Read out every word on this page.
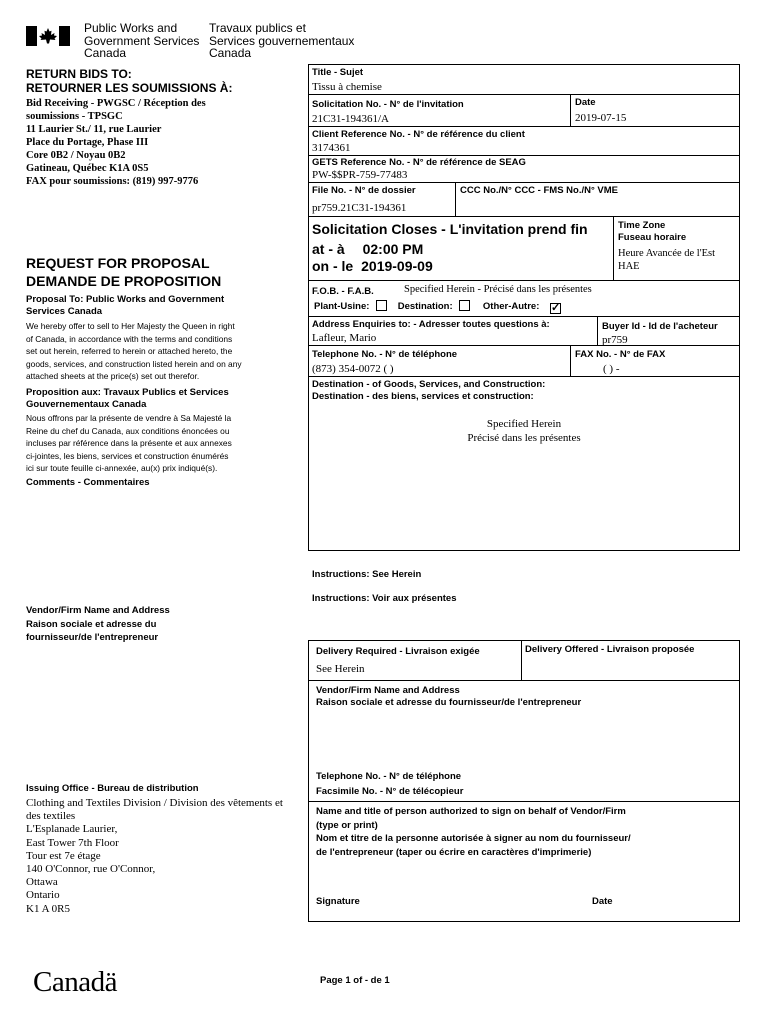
Public Works and
Government Services
Canada
Travaux publics et
Services gouvernementaux
Canada
RETURN BIDS TO:
RETOURNER LES SOUMISSIONS À:
Bid Receiving - PWGSC / Réception des
soumissions - TPSGC
11 Laurier St./ 11, rue Laurier
Place du Portage, Phase III
Core 0B2 / Noyau 0B2
Gatineau, Québec K1A 0S5
FAX pour soumissions: (819) 997-9776
REQUEST FOR PROPOSAL
DEMANDE DE PROPOSITION
Proposal To: Public Works and Government
Services Canada
We hereby offer to sell to Her Majesty the Queen in right
of Canada, in accordance with the terms and conditions
set out herein, referred to herein or attached hereto, the
goods, services, and construction listed herein and on any
attached sheets at the price(s) set out therefor.
Proposition aux: Travaux Publics et Services
Gouvernementaux Canada
Nous offrons par la présente de vendre à Sa Majesté la
Reine du chef du Canada, aux conditions énoncées ou
incluses par référence dans la présente et aux annexes
ci-jointes, les biens, services et construction énumérés
ici sur toute feuille ci-annexée, au(x) prix indiqué(s).
Comments - Commentaires
Vendor/Firm Name and Address
Raison sociale et adresse du
fournisseur/de l'entrepreneur
Issuing Office - Bureau de distribution
Clothing and Textiles Division / Division des vêtements et
des textiles
L'Esplanade Laurier,
East Tower 7th Floor
Tour est 7e étage
140 O'Connor, rue O'Connor,
Ottawa
Ontario
K1 A 0R5
Title - Sujet
Tissu à chemise
Solicitation No. - N° de l'invitation
21C31-194361/A
Date
2019-07-15
Client Reference No. - N° de référence du client
3174361
GETS Reference No. - N° de référence de SEAG
PW-$$PR-759-77483
File No. - N° de dossier
pr759.21C31-194361
CCC No./N° CCC - FMS No./N° VME
Solicitation Closes - L'invitation prend fin
at - à 02:00 PM
on - le 2019-09-09
Time Zone
Fuseau horaire
Heure Avancée de l'Est
HAE
F.O.B. - F.A.B.	Specified Herein - Précisé dans les présentes
Plant-Usine:	Destination:	Other-Autre: ✓
Address Enquiries to: - Adresser toutes questions à:
Lafleur, Mario
Buyer Id - Id de l'acheteur
pr759
Telephone No. - N° de téléphone
(873) 354-0072 ( )
FAX No. - N° de FAX
( ) -
Destination - of Goods, Services, and Construction:
Destination - des biens, services et construction:
Specified Herein
Précisé dans les présentes
Instructions: See Herein
Instructions: Voir aux présentes
Delivery Required - Livraison exigée
See Herein
Delivery Offered - Livraison proposée
Vendor/Firm Name and Address
Raison sociale et adresse du fournisseur/de l'entrepreneur
Telephone No. - N° de téléphone
Facsimile No. - N° de télécopieur
Name and title of person authorized to sign on behalf of Vendor/Firm
(type or print)
Nom et titre de la personne autorisée à signer au nom du fournisseur/
de l'entrepreneur (taper ou écrire en caractères d'imprimerie)
Signature	Date
Canadä	Page 1 of - de 1
